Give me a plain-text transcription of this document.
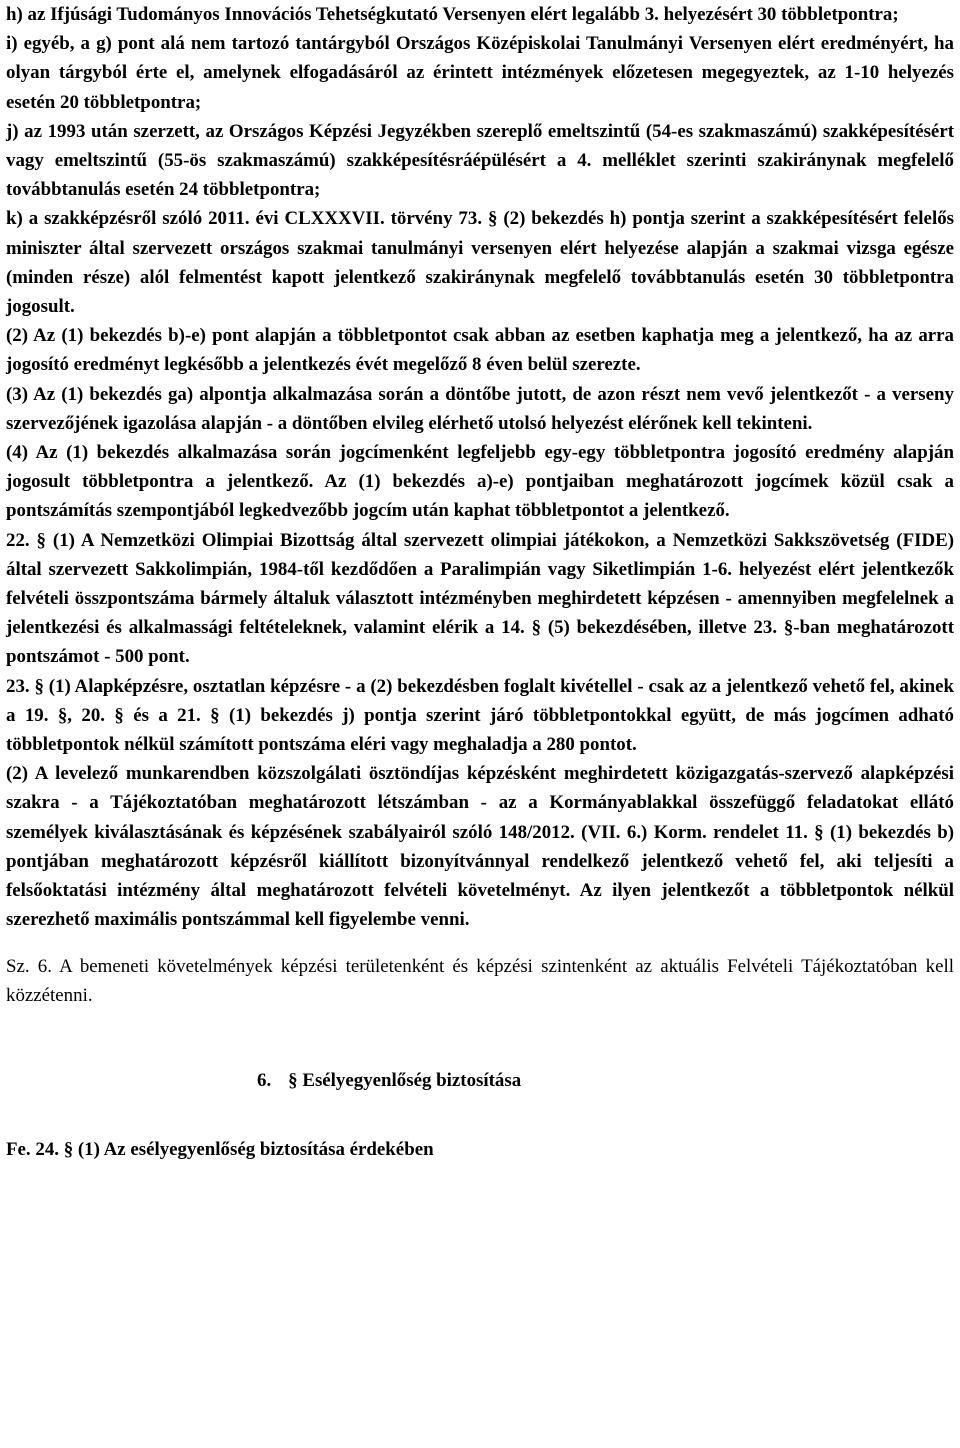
h) az Ifjúsági Tudományos Innovációs Tehetségkutató Versenyen elért legalább 3. helyezésért 30 többletpontra;

i) egyéb, a g) pont alá nem tartozó tantárgyból Országos Középiskolai Tanulmányi Versenyen elért eredményért, ha olyan tárgyból érte el, amelynek elfogadásáról az érintett intézmények előzetesen megegyeztek, az 1-10 helyezés esetén 20 többletpontra;

j) az 1993 után szerzett, az Országos Képzési Jegyzékben szereplő emeltszintű (54-es szakmaszámú) szakképesítésért vagy emeltszintű (55-ös szakmaszámú) szakképesítésráépülésért a 4. melléklet szerinti szakiránynak megfelelő továbbtanulás esetén 24 többletpontra;

k) a szakképzésről szóló 2011. évi CLXXXVII. törvény 73. § (2) bekezdés h) pontja szerint a szakképesítésért felelős miniszter által szervezett országos szakmai tanulmányi versenyen elért helyezése alapján a szakmai vizsga egésze (minden része) alól felmentést kapott jelentkező szakiránynak megfelelő továbbtanulás esetén 30 többletpontra jogosult.

(2) Az (1) bekezdés b)-e) pont alapján a többletpontot csak abban az esetben kaphatja meg a jelentkező, ha az arra jogosító eredményt legkésőbb a jelentkezés évét megelőző 8 éven belül szerezte.

(3) Az (1) bekezdés ga) alpontja alkalmazása során a döntőbe jutott, de azon részt nem vevő jelentkezőt - a verseny szervezőjének igazolása alapján - a döntőben elvileg elérhető utolsó helyezést elérőnek kell tekinteni.

(4) Az (1) bekezdés alkalmazása során jogcímenként legfeljebb egy-egy többletpontra jogosító eredmény alapján jogosult többletpontra a jelentkező. Az (1) bekezdés a)-e) pontjaiban meghatározott jogcímek közül csak a pontszámítás szempontjából legkedvezőbb jogcím után kaphat többletpontot a jelentkező.

22. § (1) A Nemzetközi Olimpiai Bizottság által szervezett olimpiai játékokon, a Nemzetközi Sakkszövetség (FIDE) által szervezett Sakkolimpián, 1984-től kezdődően a Paralimpián vagy Siketlimpián 1-6. helyezést elért jelentkezők felvételi összpontszáma bármely általuk választott intézményben meghirdetett képzésen - amennyiben megfelelnek a jelentkezési és alkalmassági feltételeknek, valamint elérik a 14. § (5) bekezdésében, illetve 23. §-ban meghatározott pontszámot - 500 pont.

23. § (1) Alapképzésre, osztatlan képzésre - a (2) bekezdésben foglalt kivétellel - csak az a jelentkező vehető fel, akinek a 19. §, 20. § és a 21. § (1) bekezdés j) pontja szerint járó többletpontokkal együtt, de más jogcímen adható többletpontok nélkül számított pontszáma eléri vagy meghaladja a 280 pontot.

(2) A levelező munkarendben közszolgálati ösztöndíjas képzésként meghirdetett közigazgatás-szervező alapképzési szakra - a Tájékoztatóban meghatározott létszámban - az a Kormányablakkal összefüggő feladatokat ellátó személyek kiválasztásának és képzésének szabályairól szóló 148/2012. (VII. 6.) Korm. rendelet 11. § (1) bekezdés b) pontjában meghatározott képzésről kiállított bizonyítvánnyal rendelkező jelentkező vehető fel, aki teljesíti a felsőoktatási intézmény által meghatározott felvételi követelményt. Az ilyen jelentkezőt a többletpontok nélkül szerezhető maximális pontszámmal kell figyelembe venni.

Sz. 6. A bemeneti követelmények képzési területenként és képzési szintenként az aktuális Felvételi Tájékoztatóban kell közzétenni.

6. § Esélyegyenlőség biztosítása
Fe. 24. § (1) Az esélyegyenlőség biztosítása érdekében
